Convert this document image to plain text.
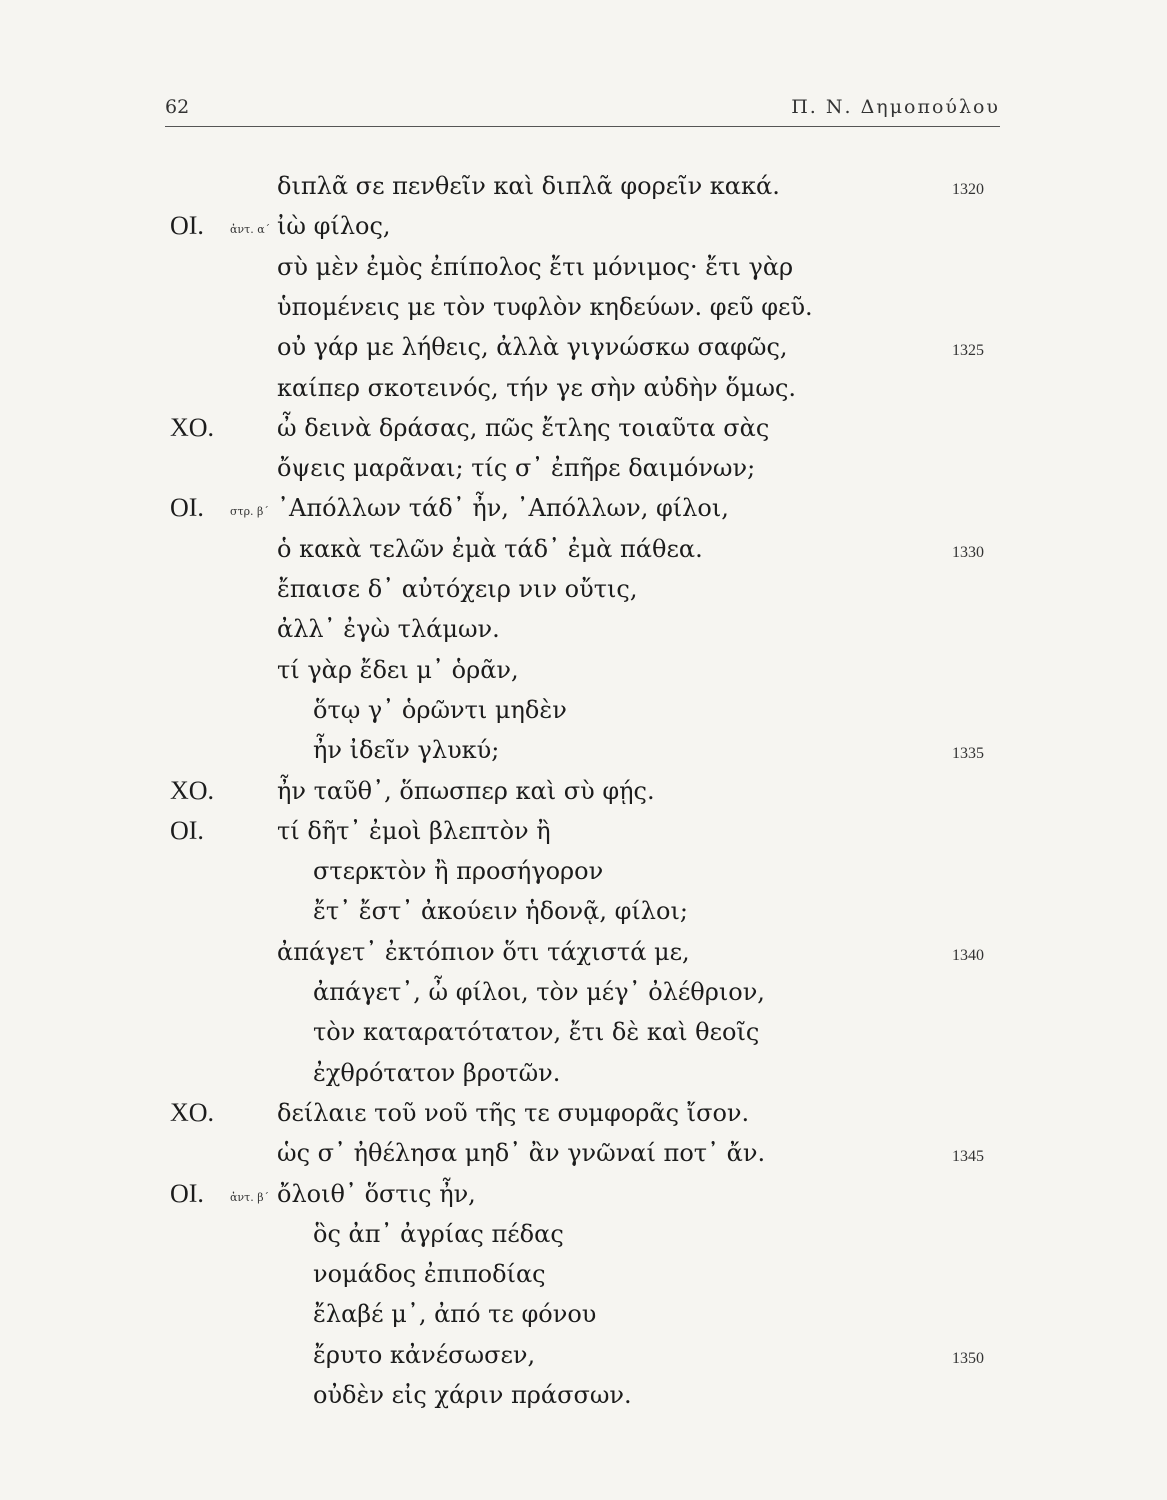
62	Π. Ν. Δημοπούλου
διπλᾶ σε πενθεῖν καὶ διπλᾶ φορεῖν κακά.	1320
ΟΙ. ἀντ. α΄ ἰὼ φίλος,
σὺ μὲν ἐμὸς ἐπίπολος ἔτι μόνιμος· ἔτι γὰρ
ὑπομένεις με τὸν τυφλὸν κηδεύων. φεῦ φεῦ.
οὐ γάρ με λήθεις, ἀλλὰ γιγνώσκω σαφῶς,	1325
καίπερ σκοτεινός, τήν γε σὴν αὐδὴν ὅμως.
ΧΟ.	ὦ δεινὰ δράσας, πῶς ἔτλης τοιαῦτα σὰς
ὄψεις μαρᾶναι; τίς σ᾽ ἐπῆρε δαιμόνων;
ΟΙ. στρ. β΄ ᾽Απόλλων τάδ᾽ ἦν, ᾽Απόλλων, φίλοι,
ὁ κακὰ τελῶν ἐμὰ τάδ᾽ ἐμὰ πάθεα.	1330
ἔπαισε δ᾽ αὐτόχειρ νιν οὔτις,
ἀλλ᾽ ἐγὼ τλάμων.
τί γὰρ ἔδει μ᾽ ὁρᾶν,
ὅτῳ γ᾽ ὁρῶντι μηδὲν
ἦν ἰδεῖν γλυκύ;	1335
ΧΟ.	ἦν ταῦθ᾽, ὅπωσπερ καὶ σὺ φῄς.
ΟΙ.	τί δῆτ᾽ ἐμοὶ βλεπτὸν ἢ
στερκτὸν ἢ προσήγορον
ἔτ᾽ ἔστ᾽ ἀκούειν ἡδονᾷ, φίλοι;
ἀπάγετ᾽ ἐκτόπιον ὅτι τάχιστά με,	1340
ἀπάγετ᾽, ὦ φίλοι, τὸν μέγ᾽ ὀλέθριον,
τὸν καταρατότατον, ἔτι δὲ καὶ θεοῖς
ἐχθρότατον βροτῶν.
ΧΟ.	δείλαιε τοῦ νοῦ τῆς τε συμφορᾶς ἴσον.
ὡς σ᾽ ἠθέλησα μηδ᾽ ἂν γνῶναί ποτ᾽ ἄν.	1345
ΟΙ. ἀντ. β΄ ὄλοιθ᾽ ὅστις ἦν,
ὃς ἀπ᾽ ἀγρίας πέδας
νομάδος ἐπιποδίας
ἔλαβέ μ᾽, ἀπό τε φόνου
ἔρυτο κἀνέσωσεν,	1350
οὐδὲν εἰς χάριν πράσσων.
